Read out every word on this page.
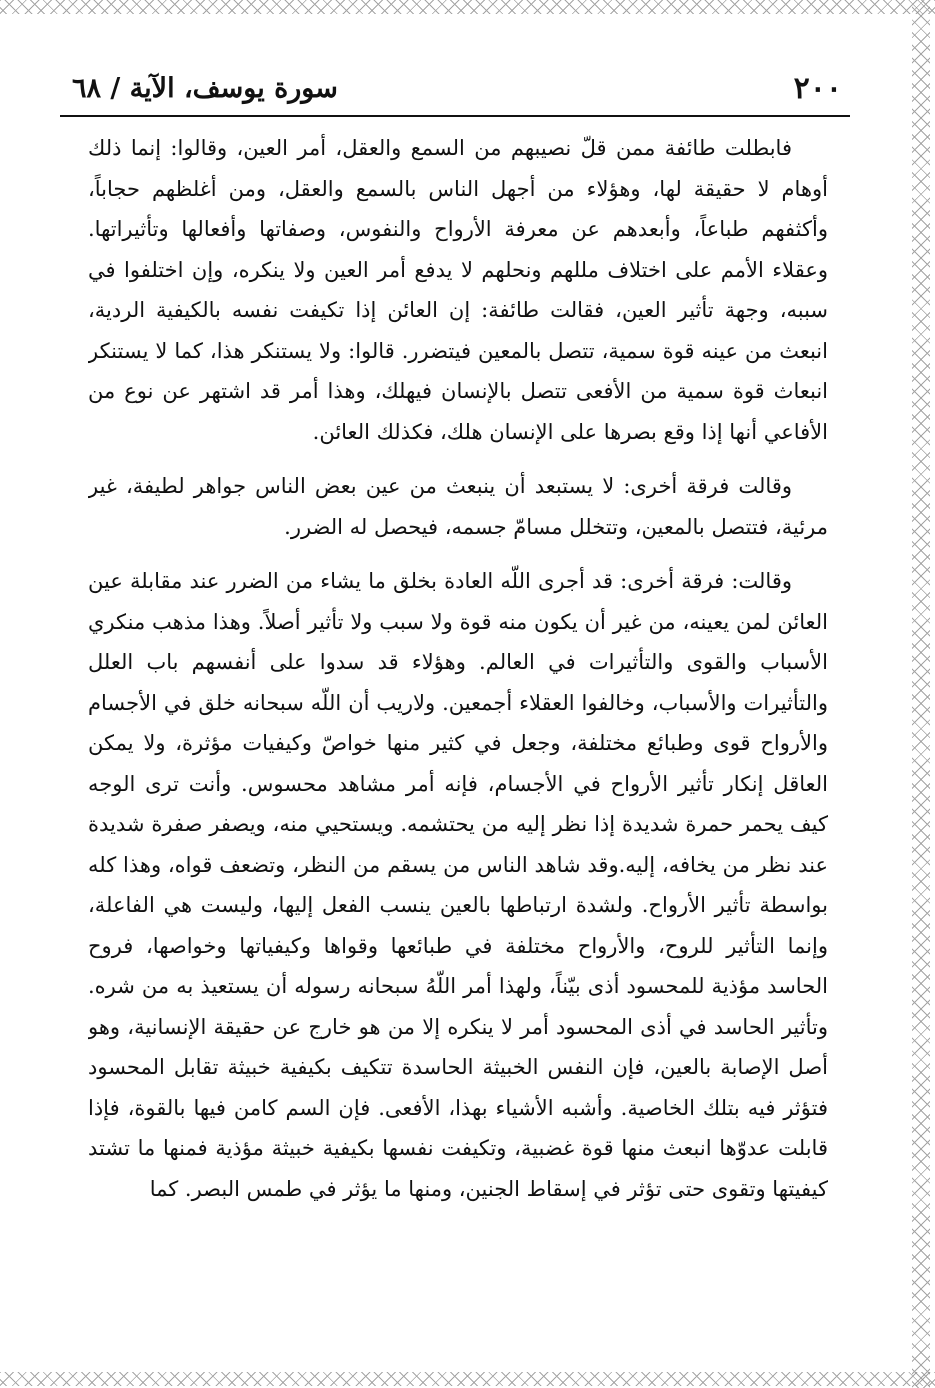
٢٠٠
سورة يوسف، الآية / ٦٨

فابطلت طائفة ممن قلّ نصيبهم من السمع والعقل، أمر العين، وقالوا: إنما ذلك أوهام لا حقيقة لها، وهؤلاء من أجهل الناس بالسمع والعقل، ومن أغلظهم حجاباً، وأكثفهم طباعاً، وأبعدهم عن معرفة الأرواح والنفوس، وصفاتها وأفعالها وتأثيراتها. وعقلاء الأمم على اختلاف مللهم ونحلهم لا يدفع أمر العين ولا ينكره، وإن اختلفوا في سببه، وجهة تأثير العين، فقالت طائفة: إن العائن إذا تكيفت نفسه بالكيفية الردية، انبعث من عينه قوة سمية، تتصل بالمعين فيتضرر. قالوا: ولا يستنكر هذا، كما لا يستنكر انبعاث قوة سمية من الأفعى تتصل بالإنسان فيهلك، وهذا أمر قد اشتهر عن نوع من الأفاعي أنها إذا وقع بصرها على الإنسان هلك، فكذلك العائن.

وقالت فرقة أخرى: لا يستبعد أن ينبعث من عين بعض الناس جواهر لطيفة، غير مرئية، فتتصل بالمعين، وتتخلل مسامّ جسمه، فيحصل له الضرر.

وقالت: فرقة أخرى: قد أجرى اللّه العادة بخلق ما يشاء من الضرر عند مقابلة عين العائن لمن يعينه، من غير أن يكون منه قوة ولا سبب ولا تأثير أصلاً. وهذا مذهب منكري الأسباب والقوى والتأثيرات في العالم. وهؤلاء قد سدوا على أنفسهم باب العلل والتأثيرات والأسباب، وخالفوا العقلاء أجمعين. ولاريب أن اللّه سبحانه خلق في الأجسام والأرواح قوى وطبائع مختلفة، وجعل في كثير منها خواصّ وكيفيات مؤثرة، ولا يمكن العاقل إنكار تأثير الأرواح في الأجسام، فإنه أمر مشاهد محسوس. وأنت ترى الوجه كيف يحمر حمرة شديدة إذا نظر إليه من يحتشمه. ويستحيي منه، ويصفر صفرة شديدة عند نظر من يخافه، إليه.وقد شاهد الناس من يسقم من النظر، وتضعف قواه، وهذا كله بواسطة تأثير الأرواح. ولشدة ارتباطها بالعين ينسب الفعل إليها، وليست هي الفاعلة، وإنما التأثير للروح، والأرواح مختلفة في طبائعها وقواها وكيفياتها وخواصها، فروح الحاسد مؤذية للمحسود أذى بيّناً، ولهذا أمر اللّهُ سبحانه رسوله أن يستعيذ به من شره. وتأثير الحاسد في أذى المحسود أمر لا ينكره إلا من هو خارج عن حقيقة الإنسانية، وهو أصل الإصابة بالعين، فإن النفس الخبيثة الحاسدة تتكيف بكيفية خبيثة تقابل المحسود فتؤثر فيه بتلك الخاصية. وأشبه الأشياء بهذا، الأفعى. فإن السم كامن فيها بالقوة، فإذا قابلت عدوّها انبعث منها قوة غضبية، وتكيفت نفسها بكيفية خبيثة مؤذية فمنها ما تشتد كيفيتها وتقوى حتى تؤثر في إسقاط الجنين، ومنها ما يؤثر في طمس البصر. كما
